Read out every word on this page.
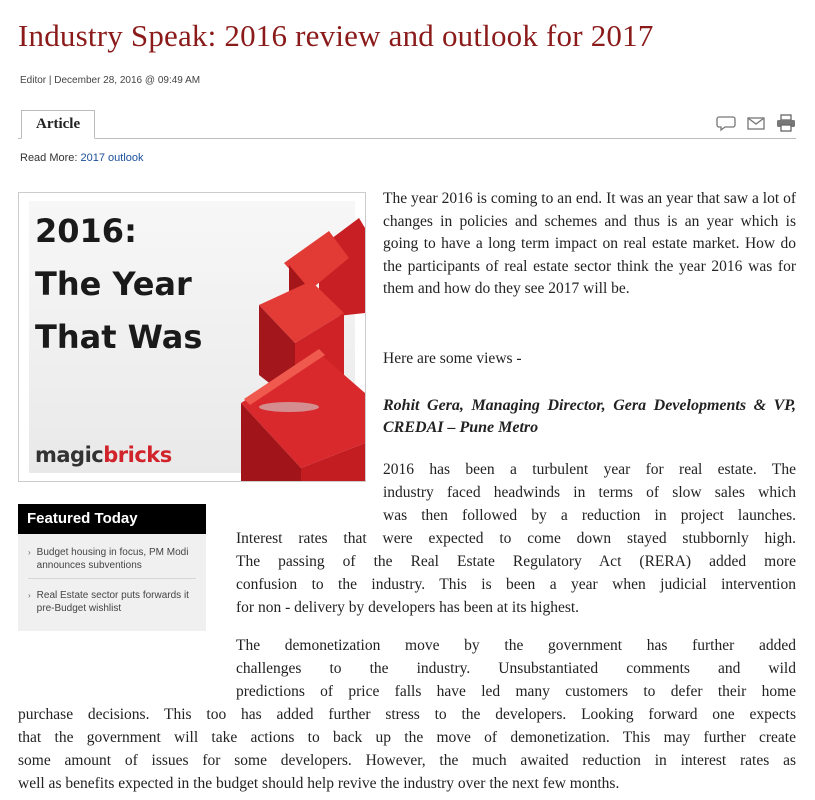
Industry Speak: 2016 review and outlook for 2017
Editor | December 28, 2016 @ 09:49 AM
Article
Read More: 2017 outlook
2016:
The Year
That Was
magicbricks
Featured Today
› Budget housing in focus, PM Modi announces subventions
› Real Estate sector puts forwards it pre-Budget wishlist

The year 2016 is coming to an end. It was an year that saw a lot of changes in policies and schemes and thus is an year which is going to have a long term impact on real estate market. How do the participants of real estate sector think the year 2016 was for them and how do they see 2017 will be.

Here are some views -

Rohit Gera, Managing Director, Gera Developments & VP, CREDAI – Pune Metro

2016 has been a turbulent year for real estate. The
industry faced headwinds in terms of slow sales which
was then followed by a reduction in project launches.
Interest rates that were expected to come down stayed stubbornly high.
The passing of the Real Estate Regulatory Act (RERA) added more
confusion to the industry. This is been a year when judicial intervention
for non - delivery by developers has been at its highest.
The demonetization move by the government has further added
challenges to the industry. Unsubstantiated comments and wild
predictions of price falls have led many customers to defer their home
purchase decisions. This too has added further stress to the developers. Looking forward one expects
that the government will take actions to back up the move of demonetization. This may further create
some amount of issues for some developers. However, the much awaited reduction in interest rates as
well as benefits expected in the budget should help revive the industry over the next few months.
